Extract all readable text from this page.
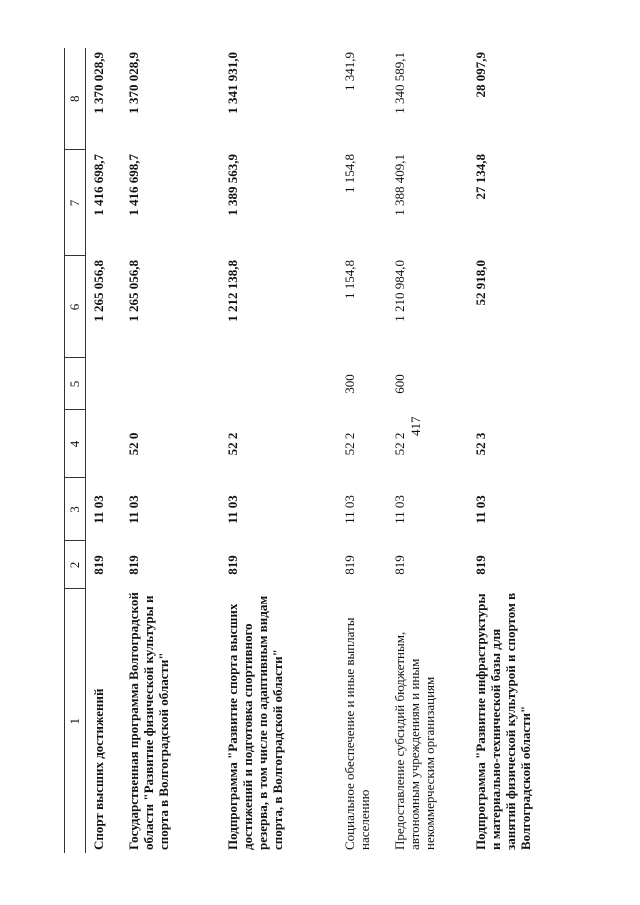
417
1	2	3	4	5	6	7	8
Спорт высших достижений	819	11 03			1 265 056,8	1 416 698,7	1 370 028,9
Государственная программа Волгоградской области "Развитие физической культуры и спорта в Волгоградской области"	819	11 03	52 0		1 265 056,8	1 416 698,7	1 370 028,9
Подпрограмма "Развитие спорта высших достижений и подготовка спортивного резерва, в том числе по адаптивным видам спорта, в Волгоградской области"	819	11 03	52 2		1 212 138,8	1 389 563,9	1 341 931,0
Социальное обеспечение и иные выплаты населению	819	11 03	52 2	300	1 154,8	1 154,8	1 341,9
Предоставление субсидий бюджетным, автономным учреждениям и иным некоммерческим организациям	819	11 03	52 2	600	1 210 984,0	1 388 409,1	1 340 589,1
Подпрограмма "Развитие инфраструктуры и материально-технической базы для занятий физической культурой и спортом в Волгоградской области"	819	11 03	52 3		52 918,0	27 134,8	28 097,9
